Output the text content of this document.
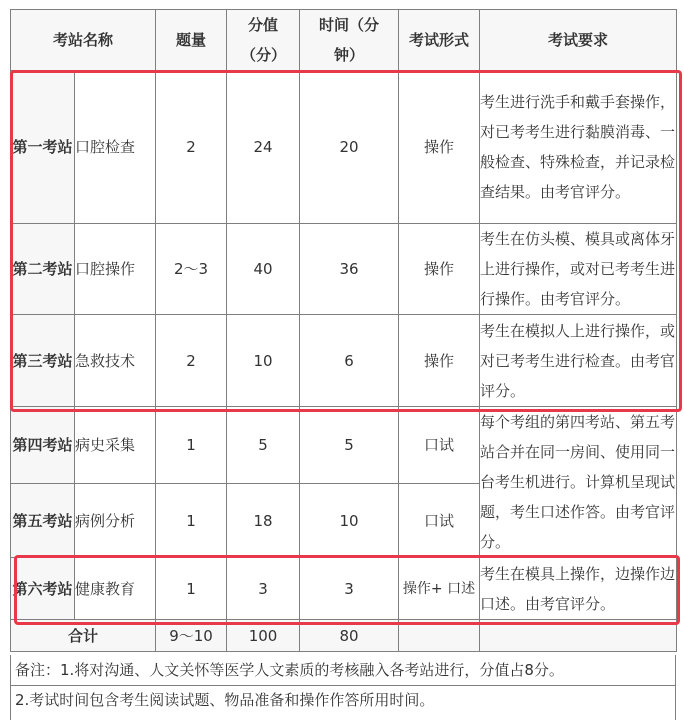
考站名称		题量	分值（分）	时间（分钟）	考试形式	考试要求
第一考站	口腔检查	2	24	20	操作	考生进行洗手和戴手套操作，对已考考生进行黏膜消毒、一般检查、特殊检查，并记录检查结果。由考官评分。
第二考站	口腔操作	2～3	40	36	操作	考生在仿头模、模具或离体牙上进行操作，或对已考考生进行操作。由考官评分。
第三考站	急救技术	2	10	6	操作	考生在模拟人上进行操作，或对已考考生进行检查。由考官评分。
第四考站	病史采集	1	5	5	口试	每个考组的第四考站、第五考站合并在同一房间、使用同一台考生机进行。计算机呈现试题，考生口述作答。由考官评分。
第五考站	病例分析	1	18	10	口试	
第六考站	健康教育	1	3	3	操作+ 口述	考生在模具上操作，边操作边口述。由考官评分。
合计		9～10	100	80		
备注：1.将对沟通、人文关怀等医学人文素质的考核融入各考站进行，分值占8分。
2.考试时间包含考生阅读试题、物品准备和操作作答所用时间。
